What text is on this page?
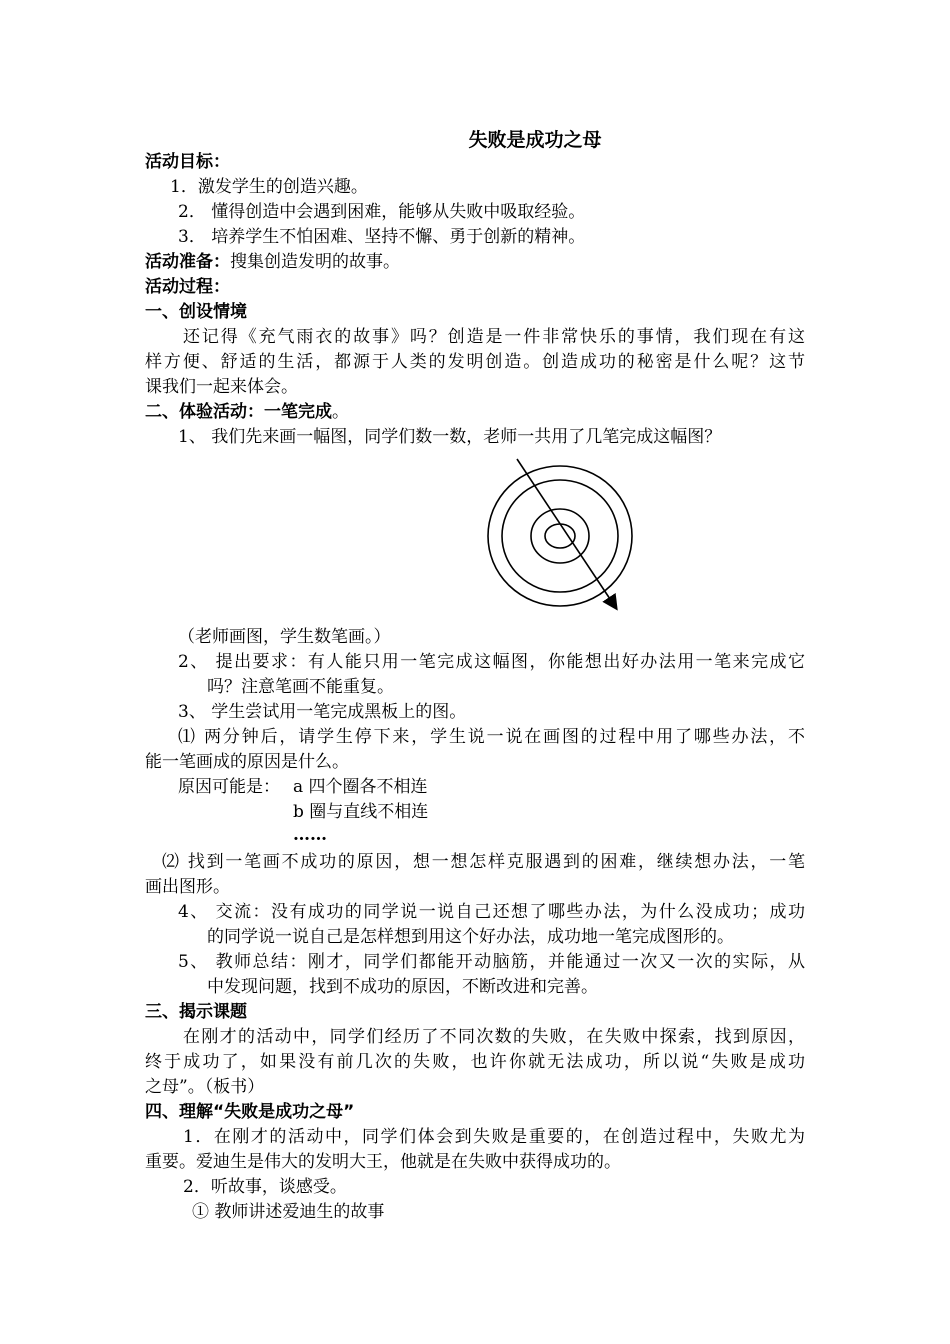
失败是成功之母
活动目标：
1．激发学生的创造兴趣。
2． 懂得创造中会遇到困难，能够从失败中吸取经验。
3． 培养学生不怕困难、坚持不懈、勇于创新的精神。
活动准备：搜集创造发明的故事。
活动过程：
一、创设情境
还记得《充气雨衣的故事》吗？创造是一件非常快乐的事情，我们现在有这
样方便、舒适的生活，都源于人类的发明创造。创造成功的秘密是什么呢？这节
课我们一起来体会。
二、体验活动：一笔完成。
1、 我们先来画一幅图，同学们数一数，老师一共用了几笔完成这幅图？
（老师画图，学生数笔画。）
2、 提出要求：有人能只用一笔完成这幅图，你能想出好办法用一笔来完成它
吗？注意笔画不能重复。
3、 学生尝试用一笔完成黑板上的图。
⑴ 两分钟后，请学生停下来，学生说一说在画图的过程中用了哪些办法，不
能一笔画成的原因是什么。
原因可能是： a 四个圈各不相连
b 圈与直线不相连
……
⑵ 找到一笔画不成功的原因，想一想怎样克服遇到的困难，继续想办法，一笔
画出图形。
4、 交流：没有成功的同学说一说自己还想了哪些办法，为什么没成功；成功
的同学说一说自己是怎样想到用这个好办法，成功地一笔完成图形的。
5、 教师总结：刚才，同学们都能开动脑筋，并能通过一次又一次的实际，从
中发现问题，找到不成功的原因，不断改进和完善。
三、揭示课题
在刚才的活动中，同学们经历了不同次数的失败，在失败中探索，找到原因，
终于成功了，如果没有前几次的失败，也许你就无法成功，所以说“失败是成功
之母”。（板书）
四、理解“失败是成功之母”
1．在刚才的活动中，同学们体会到失败是重要的，在创造过程中，失败尤为
重要。爱迪生是伟大的发明大王，他就是在失败中获得成功的。
2．听故事，谈感受。
① 教师讲述爱迪生的故事
